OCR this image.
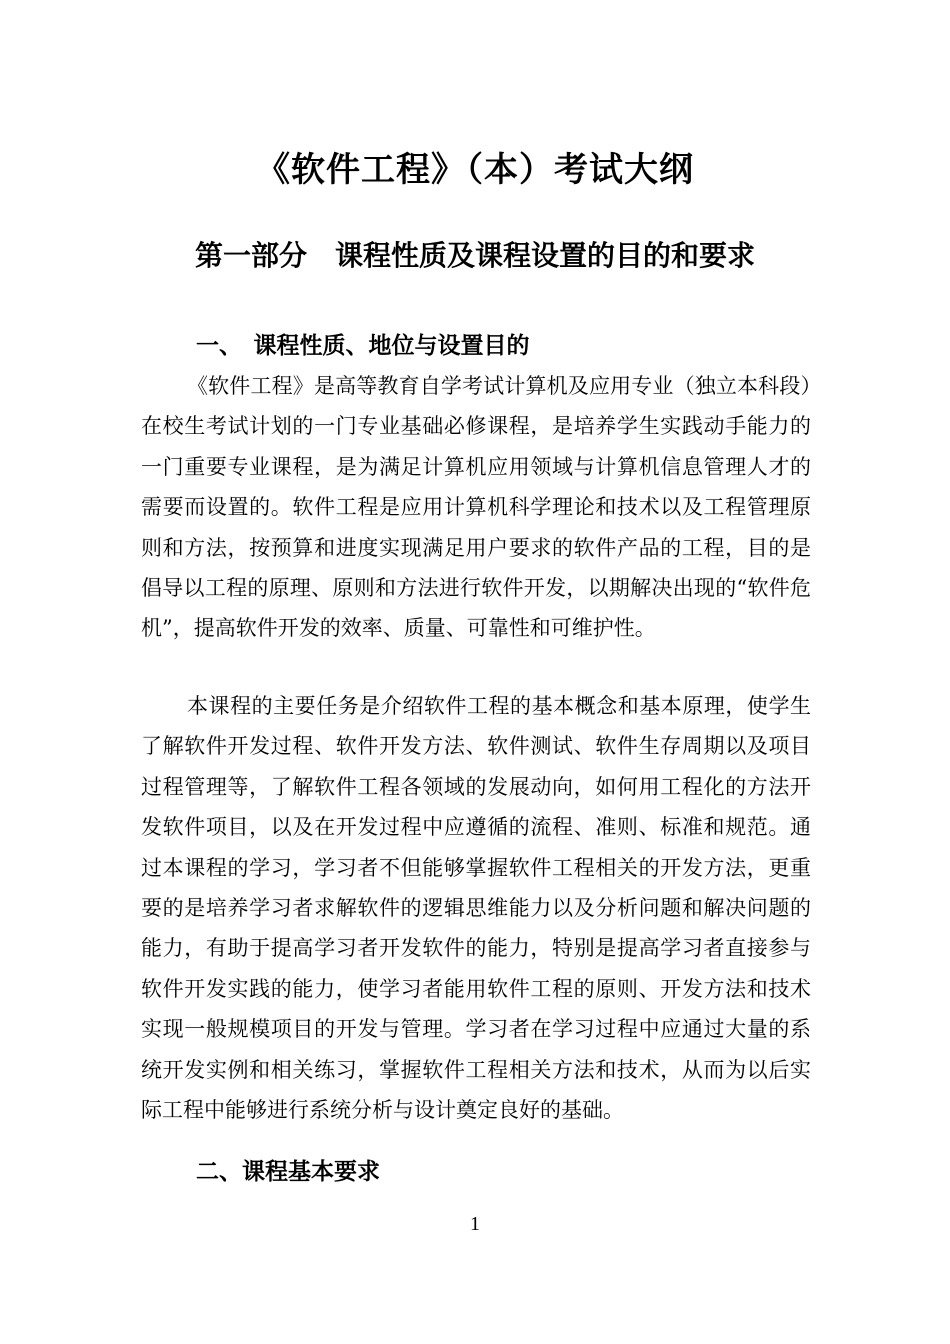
《软件工程》（本）考试大纲
第一部分　课程性质及课程设置的目的和要求
一、　课程性质、地位与设置目的

《软件工程》是高等教育自学考试计算机及应用专业（独立本科段）在校生考试计划的一门专业基础必修课程，是培养学生实践动手能力的一门重要专业课程，是为满足计算机应用领域与计算机信息管理人才的需要而设置的。软件工程是应用计算机科学理论和技术以及工程管理原则和方法，按预算和进度实现满足用户要求的软件产品的工程，目的是倡导以工程的原理、原则和方法进行软件开发，以期解决出现的“软件危机”，提高软件开发的效率、质量、可靠性和可维护性。

本课程的主要任务是介绍软件工程的基本概念和基本原理，使学生了解软件开发过程、软件开发方法、软件测试、软件生存周期以及项目过程管理等，了解软件工程各领域的发展动向，如何用工程化的方法开发软件项目，以及在开发过程中应遵循的流程、准则、标准和规范。通过本课程的学习，学习者不但能够掌握软件工程相关的开发方法，更重要的是培养学习者求解软件的逻辑思维能力以及分析问题和解决问题的能力，有助于提高学习者开发软件的能力，特别是提高学习者直接参与软件开发实践的能力，使学习者能用软件工程的原则、开发方法和技术实现一般规模项目的开发与管理。学习者在学习过程中应通过大量的系统开发实例和相关练习，掌握软件工程相关方法和技术，从而为以后实际工程中能够进行系统分析与设计奠定良好的基础。

二、课程基本要求
1
